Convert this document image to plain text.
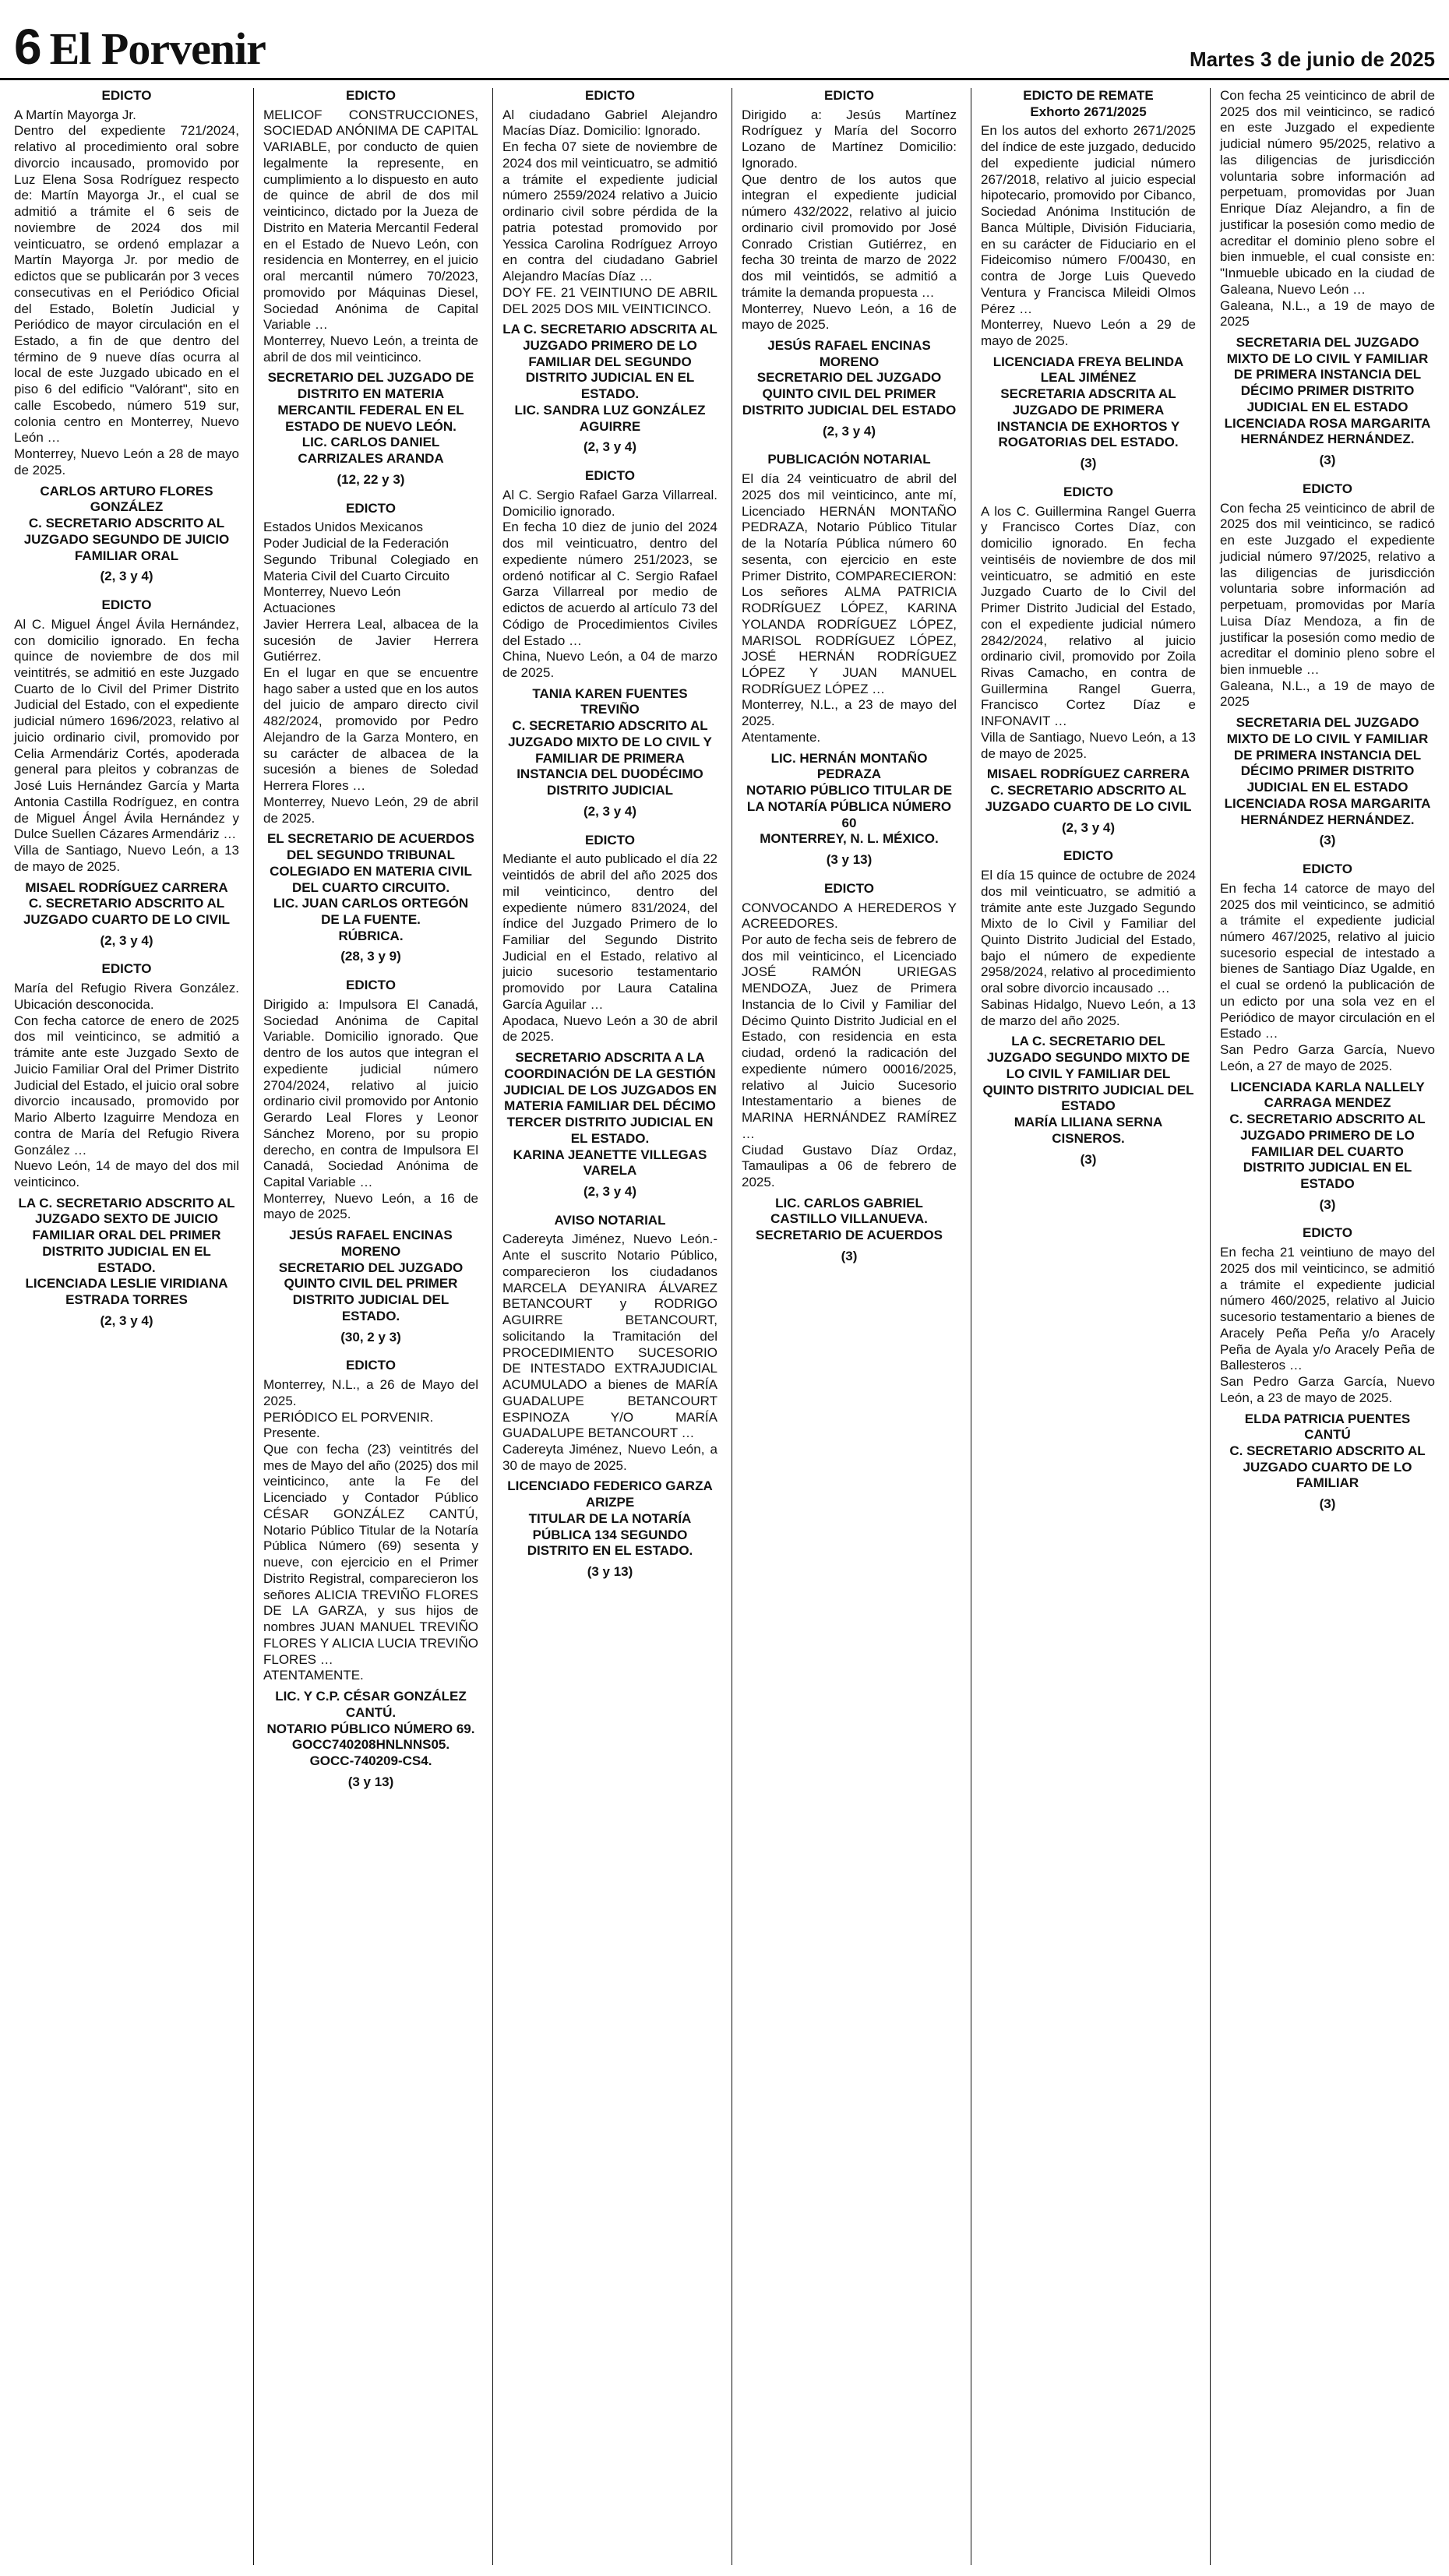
6 El Porvenir	Martes 3 de junio de 2025
EDICTO
A Martín Mayorga Jr.
Dentro del expediente 721/2024, relativo al procedimiento oral sobre divorcio incausado, promovido por Luz Elena Sosa Rodríguez respecto de: Martín Mayorga Jr., el cual se admitió a trámite el 6 seis de noviembre de 2024 dos mil veinticuatro, se ordenó emplazar a Martín Mayorga Jr. por medio de edictos que se publicarán por 3 veces consecutivas en el Periódico Oficial del Estado, Boletín Judicial y Periódico de mayor circulación en el Estado, a fin de que dentro del término de 9 nueve días ocurra al local de este Juzgado ubicado en el piso 6 del edificio "Valórant", sito en calle Escobedo, número 519 sur, colonia centro en Monterrey, Nuevo León …
Monterrey, Nuevo León a 28 de mayo de 2025.
CARLOS ARTURO FLORES GONZÁLEZ
C. SECRETARIO ADSCRITO AL JUZGADO SEGUNDO DE JUICIO FAMILIAR ORAL
(2, 3 y 4)
EDICTO
Al C. Miguel Ángel Ávila Hernández, con domicilio ignorado. En fecha quince de noviembre de dos mil veintitrés, se admitió en este Juzgado Cuarto de lo Civil del Primer Distrito Judicial del Estado, con el expediente judicial número 1696/2023, relativo al juicio ordinario civil, promovido por Celia Armendáriz Cortés, apoderada general para pleitos y cobranzas de José Luis Hernández García y Marta Antonia Castilla Rodríguez, en contra de Miguel Ángel Ávila Hernández y Dulce Suellen Cázares Armendáriz …
Villa de Santiago, Nuevo León, a 13 de mayo de 2025.
MISAEL RODRÍGUEZ CARRERA
C. SECRETARIO ADSCRITO AL JUZGADO CUARTO DE LO CIVIL
(2, 3 y 4)
EDICTO
María del Refugio Rivera González. Ubicación desconocida.
Con fecha catorce de enero de 2025 dos mil veinticinco, se admitió a trámite ante este Juzgado Sexto de Juicio Familiar Oral del Primer Distrito Judicial del Estado, el juicio oral sobre divorcio incausado, promovido por Mario Alberto Izaguirre Mendoza en contra de María del Refugio Rivera González …
Nuevo León, 14 de mayo del dos mil veinticinco.
LA C. SECRETARIO ADSCRITO AL JUZGADO SEXTO DE JUICIO FAMILIAR ORAL DEL PRIMER DISTRITO JUDICIAL EN EL ESTADO.
LICENCIADA LESLIE VIRIDIANA ESTRADA TORRES
(2, 3 y 4)
EDICTO
MELICOF CONSTRUCCIONES, SOCIEDAD ANÓNIMA DE CAPITAL VARIABLE, por conducto de quien legalmente la represente, en cumplimiento a lo dispuesto en auto de quince de abril de dos mil veinticinco, dictado por la Jueza de Distrito en Materia Mercantil Federal en el Estado de Nuevo León, con residencia en Monterrey, en el juicio oral mercantil número 70/2023, promovido por Máquinas Diesel, Sociedad Anónima de Capital Variable …
Monterrey, Nuevo León, a treinta de abril de dos mil veinticinco.
SECRETARIO DEL JUZGADO DE DISTRITO EN MATERIA MERCANTIL FEDERAL EN EL ESTADO DE NUEVO LEÓN.
LIC. CARLOS DANIEL CARRIZALES ARANDA
(12, 22 y 3)
EDICTO
Estados Unidos Mexicanos
Poder Judicial de la Federación
Segundo Tribunal Colegiado en Materia Civil del Cuarto Circuito
Monterrey, Nuevo León
Actuaciones
Javier Herrera Leal, albacea de la sucesión de Javier Herrera Gutiérrez.
En el lugar en que se encuentre hago saber a usted que en los autos del juicio de amparo directo civil 482/2024, promovido por Pedro Alejandro de la Garza Montero, en su carácter de albacea de la sucesión a bienes de Soledad Herrera Flores …
Monterrey, Nuevo León, 29 de abril de 2025.
EL SECRETARIO DE ACUERDOS DEL SEGUNDO TRIBUNAL COLEGIADO EN MATERIA CIVIL DEL CUARTO CIRCUITO.
LIC. JUAN CARLOS ORTEGÓN DE LA FUENTE.
RÚBRICA.
(28, 3 y 9)
EDICTO
Dirigido a: Impulsora El Canadá, Sociedad Anónima de Capital Variable. Domicilio ignorado. Que dentro de los autos que integran el expediente judicial número 2704/2024, relativo al juicio ordinario civil promovido por Antonio Gerardo Leal Flores y Leonor Sánchez Moreno, por su propio derecho, en contra de Impulsora El Canadá, Sociedad Anónima de Capital Variable …
Monterrey, Nuevo León, a 16 de mayo de 2025.
JESÚS RAFAEL ENCINAS MORENO
SECRETARIO DEL JUZGADO QUINTO CIVIL DEL PRIMER DISTRITO JUDICIAL DEL ESTADO.
(30, 2 y 3)
EDICTO
Monterrey, N.L., a 26 de Mayo del 2025.
PERIÓDICO EL PORVENIR.
Presente.
Que con fecha (23) veintitrés del mes de Mayo del año (2025) dos mil veinticinco, ante la Fe del Licenciado y Contador Público CÉSAR GONZÁLEZ CANTÚ, Notario Público Titular de la Notaría Pública Número (69) sesenta y nueve, con ejercicio en el Primer Distrito Registral, comparecieron los señores ALICIA TREVIÑO FLORES DE LA GARZA, y sus hijos de nombres JUAN MANUEL TREVIÑO FLORES Y ALICIA LUCIA TREVIÑO FLORES …
ATENTAMENTE.
LIC. Y C.P. CÉSAR GONZÁLEZ CANTÚ.
NOTARIO PÚBLICO NÚMERO 69.
GOCC740208HNLNNS05.
GOCC-740209-CS4.
(3 y 13)
EDICTO
Al ciudadano Gabriel Alejandro Macías Díaz. Domicilio: Ignorado.
En fecha 07 siete de noviembre de 2024 dos mil veinticuatro, se admitió a trámite el expediente judicial número 2559/2024 relativo a Juicio ordinario civil sobre pérdida de la patria potestad promovido por Yessica Carolina Rodríguez Arroyo en contra del ciudadano Gabriel Alejandro Macías Díaz …
DOY FE. 21 VEINTIUNO DE ABRIL DEL 2025 DOS MIL VEINTICINCO.
LA C. SECRETARIO ADSCRITA AL JUZGADO PRIMERO DE LO FAMILIAR DEL SEGUNDO DISTRITO JUDICIAL EN EL ESTADO.
LIC. SANDRA LUZ GONZÁLEZ AGUIRRE
(2, 3 y 4)
EDICTO
Al C. Sergio Rafael Garza Villarreal. Domicilio ignorado.
En fecha 10 diez de junio del 2024 dos mil veinticuatro, dentro del expediente número 251/2023, se ordenó notificar al C. Sergio Rafael Garza Villarreal por medio de edictos de acuerdo al artículo 73 del Código de Procedimientos Civiles del Estado …
China, Nuevo León, a 04 de marzo de 2025.
TANIA KAREN FUENTES TREVIÑO
C. SECRETARIO ADSCRITO AL JUZGADO MIXTO DE LO CIVIL Y FAMILIAR DE PRIMERA INSTANCIA DEL DUODÉCIMO DISTRITO JUDICIAL
(2, 3 y 4)
EDICTO
Mediante el auto publicado el día 22 veintidós de abril del año 2025 dos mil veinticinco, dentro del expediente número 831/2024, del índice del Juzgado Primero de lo Familiar del Segundo Distrito Judicial en el Estado, relativo al juicio sucesorio testamentario promovido por Laura Catalina García Aguilar …
Apodaca, Nuevo León a 30 de abril de 2025.
SECRETARIO ADSCRITA A LA COORDINACIÓN DE LA GESTIÓN JUDICIAL DE LOS JUZGADOS EN MATERIA FAMILIAR DEL DÉCIMO TERCER DISTRITO JUDICIAL EN EL ESTADO.
KARINA JEANETTE VILLEGAS VARELA
(2, 3 y 4)
AVISO NOTARIAL
Cadereyta Jiménez, Nuevo León.- Ante el suscrito Notario Público, comparecieron los ciudadanos MARCELA DEYANIRA ÁLVAREZ BETANCOURT y RODRIGO AGUIRRE BETANCOURT, solicitando la Tramitación del PROCEDIMIENTO SUCESORIO DE INTESTADO EXTRAJUDICIAL ACUMULADO a bienes de MARÍA GUADALUPE BETANCOURT ESPINOZA Y/O MARÍA GUADALUPE BETANCOURT …
Cadereyta Jiménez, Nuevo León, a 30 de mayo de 2025.
LICENCIADO FEDERICO GARZA ARIZPE
TITULAR DE LA NOTARÍA PÚBLICA 134 SEGUNDO DISTRITO EN EL ESTADO.
(3 y 13)
EDICTO
Dirigido a: Jesús Martínez Rodríguez y María del Socorro Lozano de Martínez Domicilio: Ignorado.
Que dentro de los autos que integran el expediente judicial número 432/2022, relativo al juicio ordinario civil promovido por José Conrado Cristian Gutiérrez, en fecha 30 treinta de marzo de 2022 dos mil veintidós, se admitió a trámite la demanda propuesta …
Monterrey, Nuevo León, a 16 de mayo de 2025.
JESÚS RAFAEL ENCINAS MORENO
SECRETARIO DEL JUZGADO QUINTO CIVIL DEL PRIMER DISTRITO JUDICIAL DEL ESTADO
(2, 3 y 4)
PUBLICACIÓN NOTARIAL
El día 24 veinticuatro de abril del 2025 dos mil veinticinco, ante mí, Licenciado HERNÁN MONTAÑO PEDRAZA, Notario Público Titular de la Notaría Pública número 60 sesenta, con ejercicio en este Primer Distrito, COMPARECIERON: Los señores ALMA PATRICIA RODRÍGUEZ LÓPEZ, KARINA YOLANDA RODRÍGUEZ LÓPEZ, MARISOL RODRÍGUEZ LÓPEZ, JOSÉ HERNÁN RODRÍGUEZ LÓPEZ Y JUAN MANUEL RODRÍGUEZ LÓPEZ …
Monterrey, N.L., a 23 de mayo del 2025.
Atentamente.
LIC. HERNÁN MONTAÑO PEDRAZA
NOTARIO PÚBLICO TITULAR DE LA NOTARÍA PÚBLICA NÚMERO 60
MONTERREY, N. L. MÉXICO.
(3 y 13)
EDICTO
CONVOCANDO A HEREDEROS Y ACREEDORES.
Por auto de fecha seis de febrero de dos mil veinticinco, el Licenciado JOSÉ RAMÓN URIEGAS MENDOZA, Juez de Primera Instancia de lo Civil y Familiar del Décimo Quinto Distrito Judicial en el Estado, con residencia en esta ciudad, ordenó la radicación del expediente número 00016/2025, relativo al Juicio Sucesorio Intestamentario a bienes de MARINA HERNÁNDEZ RAMÍREZ …
Ciudad Gustavo Díaz Ordaz, Tamaulipas a 06 de febrero de 2025.
LIC. CARLOS GABRIEL CASTILLO VILLANUEVA.
SECRETARIO DE ACUERDOS
(3)
EDICTO DE REMATE
Exhorto 2671/2025
En los autos del exhorto 2671/2025 del índice de este juzgado, deducido del expediente judicial número 267/2018, relativo al juicio especial hipotecario, promovido por Cibanco, Sociedad Anónima Institución de Banca Múltiple, División Fiduciaria, en su carácter de Fiduciario en el Fideicomiso número F/00430, en contra de Jorge Luis Quevedo Ventura y Francisca Mileidi Olmos Pérez …
Monterrey, Nuevo León a 29 de mayo de 2025.
LICENCIADA FREYA BELINDA LEAL JIMÉNEZ
SECRETARIA ADSCRITA AL JUZGADO DE PRIMERA INSTANCIA DE EXHORTOS Y ROGATORIAS DEL ESTADO.
(3)
EDICTO
A los C. Guillermina Rangel Guerra y Francisco Cortes Díaz, con domicilio ignorado. En fecha veintiséis de noviembre de dos mil veinticuatro, se admitió en este Juzgado Cuarto de lo Civil del Primer Distrito Judicial del Estado, con el expediente judicial número 2842/2024, relativo al juicio ordinario civil, promovido por Zoila Rivas Camacho, en contra de Guillermina Rangel Guerra, Francisco Cortez Díaz e INFONAVIT …
Villa de Santiago, Nuevo León, a 13 de mayo de 2025.
MISAEL RODRÍGUEZ CARRERA
C. SECRETARIO ADSCRITO AL JUZGADO CUARTO DE LO CIVIL
(2, 3 y 4)
EDICTO
El día 15 quince de octubre de 2024 dos mil veinticuatro, se admitió a trámite ante este Juzgado Segundo Mixto de lo Civil y Familiar del Quinto Distrito Judicial del Estado, bajo el número de expediente 2958/2024, relativo al procedimiento oral sobre divorcio incausado …
Sabinas Hidalgo, Nuevo León, a 13 de marzo del año 2025.
LA C. SECRETARIO DEL JUZGADO SEGUNDO MIXTO DE LO CIVIL Y FAMILIAR DEL QUINTO DISTRITO JUDICIAL DEL ESTADO
MARÍA LILIANA SERNA CISNEROS.
(3)
Con fecha 25 veinticinco de abril de 2025 dos mil veinticinco, se radicó en este Juzgado el expediente judicial número 95/2025, relativo a las diligencias de jurisdicción voluntaria sobre información ad perpetuam, promovidas por Juan Enrique Díaz Alejandro, a fin de justificar la posesión como medio de acreditar el dominio pleno sobre el bien inmueble, el cual consiste en: "Inmueble ubicado en la ciudad de Galeana, Nuevo León …
Galeana, N.L., a 19 de mayo de 2025
SECRETARIA DEL JUZGADO MIXTO DE LO CIVIL Y FAMILIAR DE PRIMERA INSTANCIA DEL DÉCIMO PRIMER DISTRITO JUDICIAL EN EL ESTADO
LICENCIADA ROSA MARGARITA HERNÁNDEZ HERNÁNDEZ.
(3)
EDICTO
Con fecha 25 veinticinco de abril de 2025 dos mil veinticinco, se radicó en este Juzgado el expediente judicial número 97/2025, relativo a las diligencias de jurisdicción voluntaria sobre información ad perpetuam, promovidas por María Luisa Díaz Mendoza, a fin de justificar la posesión como medio de acreditar el dominio pleno sobre el bien inmueble …
Galeana, N.L., a 19 de mayo de 2025
SECRETARIA DEL JUZGADO MIXTO DE LO CIVIL Y FAMILIAR DE PRIMERA INSTANCIA DEL DÉCIMO PRIMER DISTRITO JUDICIAL EN EL ESTADO
LICENCIADA ROSA MARGARITA HERNÁNDEZ HERNÁNDEZ.
(3)
EDICTO
En fecha 14 catorce de mayo del 2025 dos mil veinticinco, se admitió a trámite el expediente judicial número 467/2025, relativo al juicio sucesorio especial de intestado a bienes de Santiago Díaz Ugalde, en el cual se ordenó la publicación de un edicto por una sola vez en el Periódico de mayor circulación en el Estado …
San Pedro Garza García, Nuevo León, a 27 de mayo de 2025.
LICENCIADA KARLA NALLELY CARRAGA MENDEZ
C. SECRETARIO ADSCRITO AL JUZGADO PRIMERO DE LO FAMILIAR DEL CUARTO DISTRITO JUDICIAL EN EL ESTADO
(3)
EDICTO
En fecha 21 veintiuno de mayo del 2025 dos mil veinticinco, se admitió a trámite el expediente judicial número 460/2025, relativo al Juicio sucesorio testamentario a bienes de Aracely Peña Peña y/o Aracely Peña de Ayala y/o Aracely Peña de Ballesteros …
San Pedro Garza García, Nuevo León, a 23 de mayo de 2025.
ELDA PATRICIA PUENTES CANTÚ
C. SECRETARIO ADSCRITO AL JUZGADO CUARTO DE LO FAMILIAR
(3)
